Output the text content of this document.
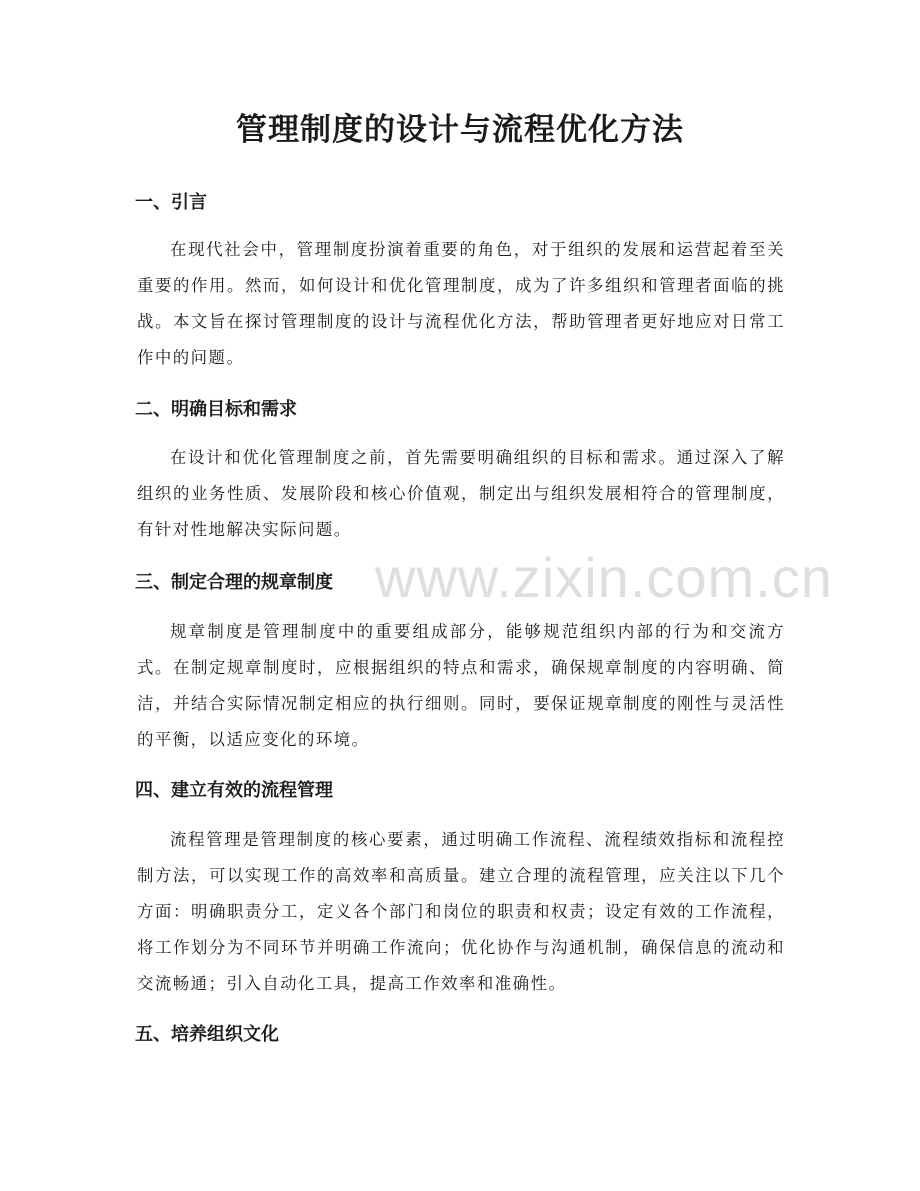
管理制度的设计与流程优化方法
一、引言

在现代社会中，管理制度扮演着重要的角色，对于组织的发展和运营起着至关重要的作用。然而，如何设计和优化管理制度，成为了许多组织和管理者面临的挑战。本文旨在探讨管理制度的设计与流程优化方法，帮助管理者更好地应对日常工作中的问题。

二、明确目标和需求

在设计和优化管理制度之前，首先需要明确组织的目标和需求。通过深入了解组织的业务性质、发展阶段和核心价值观，制定出与组织发展相符合的管理制度，有针对性地解决实际问题。

三、制定合理的规章制度

规章制度是管理制度中的重要组成部分，能够规范组织内部的行为和交流方式。在制定规章制度时，应根据组织的特点和需求，确保规章制度的内容明确、简洁，并结合实际情况制定相应的执行细则。同时，要保证规章制度的刚性与灵活性的平衡，以适应变化的环境。

四、建立有效的流程管理

流程管理是管理制度的核心要素，通过明确工作流程、流程绩效指标和流程控制方法，可以实现工作的高效率和高质量。建立合理的流程管理，应关注以下几个方面：明确职责分工，定义各个部门和岗位的职责和权责；设定有效的工作流程，将工作划分为不同环节并明确工作流向；优化协作与沟通机制，确保信息的流动和交流畅通；引入自动化工具，提高工作效率和准确性。

五、培养组织文化
www.zixin.com.cn
